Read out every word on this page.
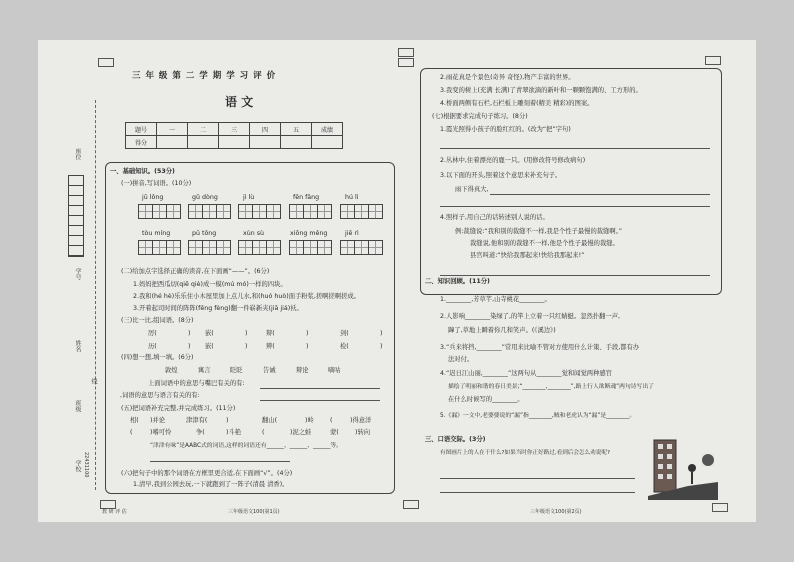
座位
学号
姓名
班级
学校
线
22431100
三 年 级 第 二 学 期 学 习 评 价
语 文
题号	一	二	三	四	五	成绩
得分						
一、基础知识。(53分)
(一)拼音,写词语。(10分)
jū lǒng	gǔ dòng	jì lù	fēn fāng	hú lì
tòu míng	pū tōng	xùn sù	xiōng měng	jiē rì
(二)给加点字选择正确的读音,在下面画“——”。(6分)
1.妈妈把西瓜切(qiē qiè)成一模(mú mó)一样的四块。
2.我和(hé hè)乐乐住小木屋里加上点儿水,和(huó huò)面手粉浆,搓啊搓啊搓成。
3.开着起司时间的阵阵(fēng fèng)翻一件崭新夹(jiā jiá)袄。
(三)比一比,组词语。(8分)
厉(	) 嵌(	)	辩(	)	剑(	)
历(	) 嵌(	)	辨(	)	检(	)
(四)想一想,填一填。(6分)
敦煌	寓言	眨眨	告诫	辩论	嘀咕
上面词语中的意思与嘴巴有关的有:
,词语的意思与语言有关的有:
(五)把词语补充完整,并完成练习。(11分)
相( )并论	津津有(	)	翻山(	)岭	(	)得意洋
(	)嗜可怜	争(	)斗艳	(	)泥之蛙	蒙(	)转向
“津津有味”是AABC式的词语,这样的词语还有______、______、______等。
(六)把句子中的那个词语在方框里更合适,在下面画“√”。(4分)
1.清早,我到公园去玩,一下就跑到了一阵子(清晨 清香)。
教 研 评 估	三年级语文100(第1页)
2.雨花真是个景色(奇异 奇怪),物产丰富的世界。
3.我变的树上(充满 长满)了青翠欲滴的新叶和一颗颗饱满的、工方形的。
4.桥面两侧有石栏,石栏板上雕刻着(精美 精彩)的图案。
(七)根据要求完成句子练习。(8分)
1.霞光照得小孩子的脸红红的。(改为“把”字句)
2.丛林中,住着漂亮的鹿一只。(用修改符号修改病句)
3.以下面的开头,照着这个意思来补充句子。
雨下得真大,
4.照样子,用自己的话转述别人说的话。
例:裁缝说:“我和别的裁缝不一样,我是个性子最慢的裁缝啊。”
裁缝说,他和别的裁缝不一样,他是个性子最慢的裁缝。
县官叫道:“快给我那起来!快给我那起来!”
二、知识回顾。(11分)
1.________,芳草芊,山寺桃花________。
2.人影响________染绿了,的竿上立着一只红蜻蜓。忽然扑翻一声,
蹿了,草地上瞬着你几和笑声。(《溪边》)
3.“兵来将挡,________”常用来比喻不管对方使用什么计策、手段,都有办
法对付。
4.“迟日江山丽,________”这两句从________觉和闻觉两种感官
描绘了明丽和谐的春日美景;“________,________”,路上行人欲断魂”两句诗写出了
在什么时候写的________。
5.《漏》一文中,老婆婆说的“漏”指________,贼和老虎认为“漏”是________。
三、口语交际。(3分)
有图画片上的人在干什么?如果当时你正好路过,看到后会怎么劝说呢?
三年级语文100(第2页)
